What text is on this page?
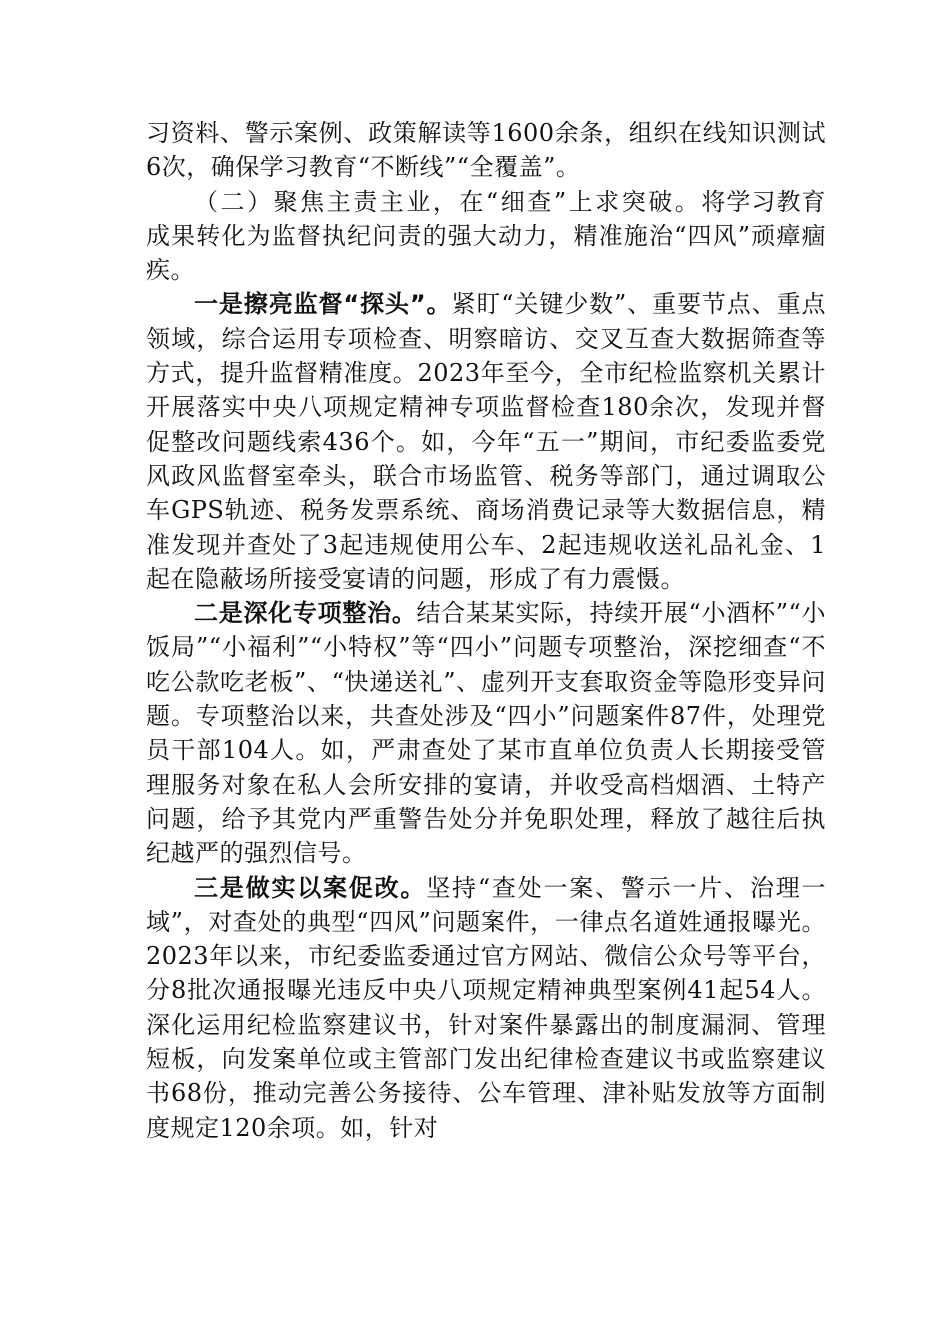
习资料、警示案例、政策解读等1600余条，组织在线知识测试6次，确保学习教育“不断线”“全覆盖”。

（二）聚焦主责主业，在“细查”上求突破。将学习教育成果转化为监督执纪问责的强大动力，精准施治“四风”顽瘴痼疾。

一是擦亮监督“探头”。紧盯“关键少数”、重要节点、重点领域，综合运用专项检查、明察暗访、交叉互查大数据筛查等方式，提升监督精准度。2023年至今，全市纪检监察机关累计开展落实中央八项规定精神专项监督检查180余次，发现并督促整改问题线索436个。如，今年“五一”期间，市纪委监委党风政风监督室牵头，联合市场监管、税务等部门，通过调取公车GPS轨迹、税务发票系统、商场消费记录等大数据信息，精准发现并查处了3起违规使用公车、2起违规收送礼品礼金、1起在隐蔽场所接受宴请的问题，形成了有力震慑。

二是深化专项整治。结合某某实际，持续开展“小酒杯”“小饭局”“小福利”“小特权”等“四小”问题专项整治，深挖细查“不吃公款吃老板”、“快递送礼”、虚列开支套取资金等隐形变异问题。专项整治以来，共查处涉及“四小”问题案件87件，处理党员干部104人。如，严肃查处了某市直单位负责人长期接受管理服务对象在私人会所安排的宴请，并收受高档烟酒、土特产问题，给予其党内严重警告处分并免职处理，释放了越往后执纪越严的强烈信号。

三是做实以案促改。坚持“查处一案、警示一片、治理一域”，对查处的典型“四风”问题案件，一律点名道姓通报曝光。2023年以来，市纪委监委通过官方网站、微信公众号等平台，分8批次通报曝光违反中央八项规定精神典型案例41起54人。深化运用纪检监察建议书，针对案件暴露出的制度漏洞、管理短板，向发案单位或主管部门发出纪律检查建议书或监察建议书68份，推动完善公务接待、公车管理、津补贴发放等方面制度规定120余项。如，针对
